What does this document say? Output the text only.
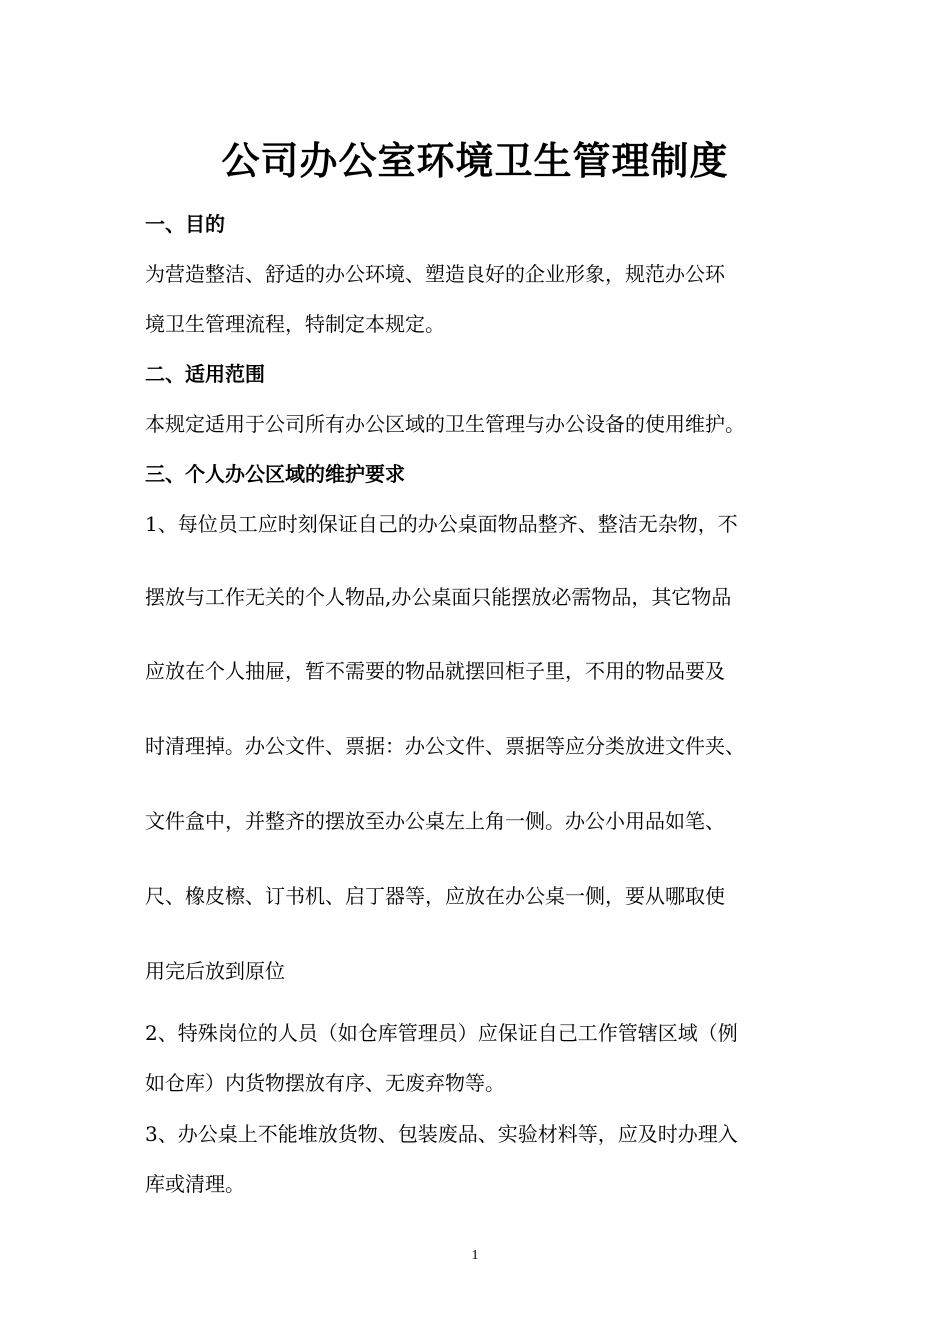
公司办公室环境卫生管理制度
一、目的
为营造整洁、舒适的办公环境、塑造良好的企业形象，规范办公环
境卫生管理流程，特制定本规定。
二、适用范围
本规定适用于公司所有办公区域的卫生管理与办公设备的使用维护。
三、个人办公区域的维护要求
1、每位员工应时刻保证自己的办公桌面物品整齐、整洁无杂物，不
摆放与工作无关的个人物品,办公桌面只能摆放必需物品，其它物品
应放在个人抽屉，暂不需要的物品就摆回柜子里，不用的物品要及
时清理掉。办公文件、票据：办公文件、票据等应分类放进文件夹、
文件盒中，并整齐的摆放至办公桌左上角一侧。办公小用品如笔、
尺、橡皮檫、订书机、启丁器等，应放在办公桌一侧，要从哪取使
用完后放到原位
2、特殊岗位的人员（如仓库管理员）应保证自己工作管辖区域（例
如仓库）内货物摆放有序、无废弃物等。
3、办公桌上不能堆放货物、包装废品、实验材料等，应及时办理入
库或清理。
1
